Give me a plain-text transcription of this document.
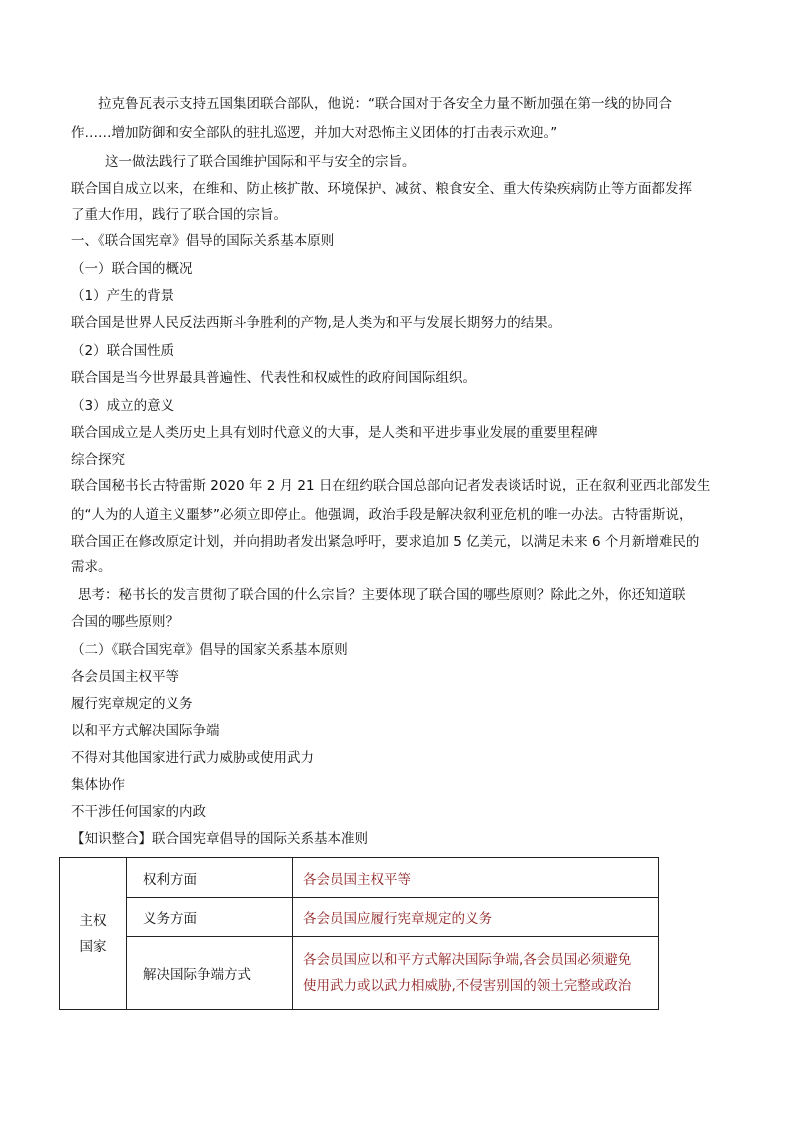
拉克鲁瓦表示支持五国集团联合部队，他说：“联合国对于各安全力量不断加强在第一线的协同合
作……增加防御和安全部队的驻扎巡逻，并加大对恐怖主义团体的打击表示欢迎。”
这一做法践行了联合国维护国际和平与安全的宗旨。
联合国自成立以来，在维和、防止核扩散、环境保护、减贫、粮食安全、重大传染疾病防止等方面都发挥
了重大作用，践行了联合国的宗旨。
一、《联合国宪章》倡导的国际关系基本原则
（一）联合国的概况
（1）产生的背景
联合国是世界人民反法西斯斗争胜利的产物,是人类为和平与发展长期努力的结果。
（2）联合国性质
联合国是当今世界最具普遍性、代表性和权威性的政府间国际组织。
（3）成立的意义
联合国成立是人类历史上具有划时代意义的大事，是人类和平进步事业发展的重要里程碑
综合探究
联合国秘书长古特雷斯 2020 年 2 月 21 日在纽约联合国总部向记者发表谈话时说，正在叙利亚西北部发生
的“人为的人道主义噩梦”必须立即停止。他强调，政治手段是解决叙利亚危机的唯一办法。古特雷斯说，
联合国正在修改原定计划，并向捐助者发出紧急呼吁，要求追加 5 亿美元，以满足未来 6 个月新增难民的
需求。
思考：秘书长的发言贯彻了联合国的什么宗旨？主要体现了联合国的哪些原则？除此之外，你还知道联
合国的哪些原则？
（二）《联合国宪章》倡导的国家关系基本原则
各会员国主权平等
履行宪章规定的义务
以和平方式解决国际争端
不得对其他国家进行武力威胁或使用武力
集体协作
不干涉任何国家的内政
【知识整合】联合国宪章倡导的国际关系基本准则
主权
国家	权利方面	各会员国主权平等
	义务方面	各会员国应履行宪章规定的义务
	解决国际争端方式	各会员国应以和平方式解决国际争端,各会员国必须避免
使用武力或以武力相威胁,不侵害别国的领土完整或政治
